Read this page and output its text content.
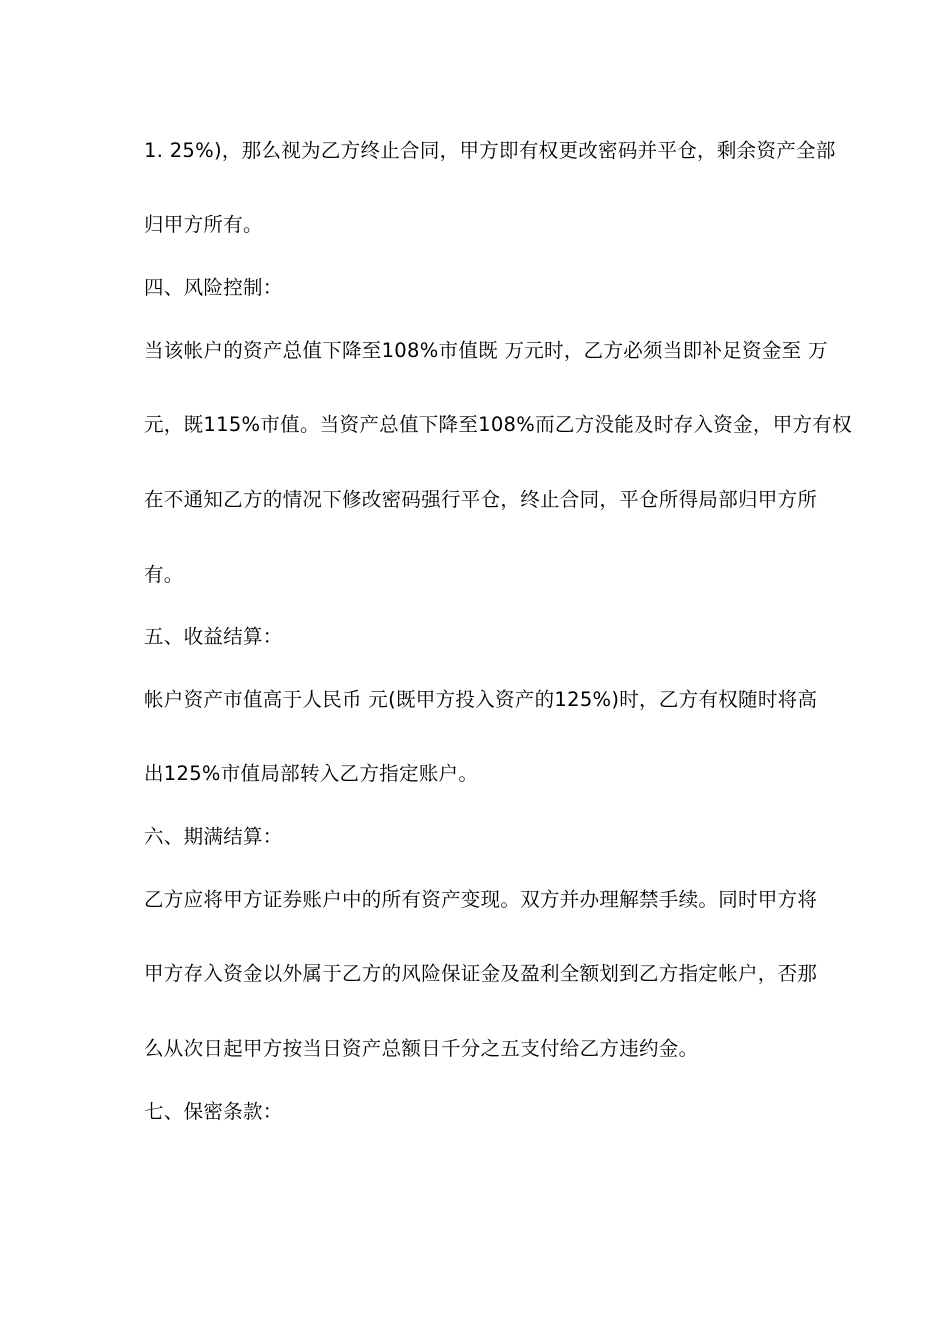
1. 25%)，那么视为乙方终止合同，甲方即有权更改密码并平仓，剩余资产全部
归甲方所有。
四、风险控制：
当该帐户的资产总值下降至108%市值既 万元时，乙方必须当即补足资金至 万
元，既115%市值。当资产总值下降至108%而乙方没能及时存入资金，甲方有权
在不通知乙方的情况下修改密码强行平仓，终止合同，平仓所得局部归甲方所
有。
五、收益结算：
帐户资产市值高于人民币 元(既甲方投入资产的125%)时，乙方有权随时将高
出125%市值局部转入乙方指定账户。
六、期满结算：
乙方应将甲方证券账户中的所有资产变现。双方并办理解禁手续。同时甲方将
甲方存入资金以外属于乙方的风险保证金及盈利全额划到乙方指定帐户，否那
么从次日起甲方按当日资产总额日千分之五支付给乙方违约金。
七、保密条款：
